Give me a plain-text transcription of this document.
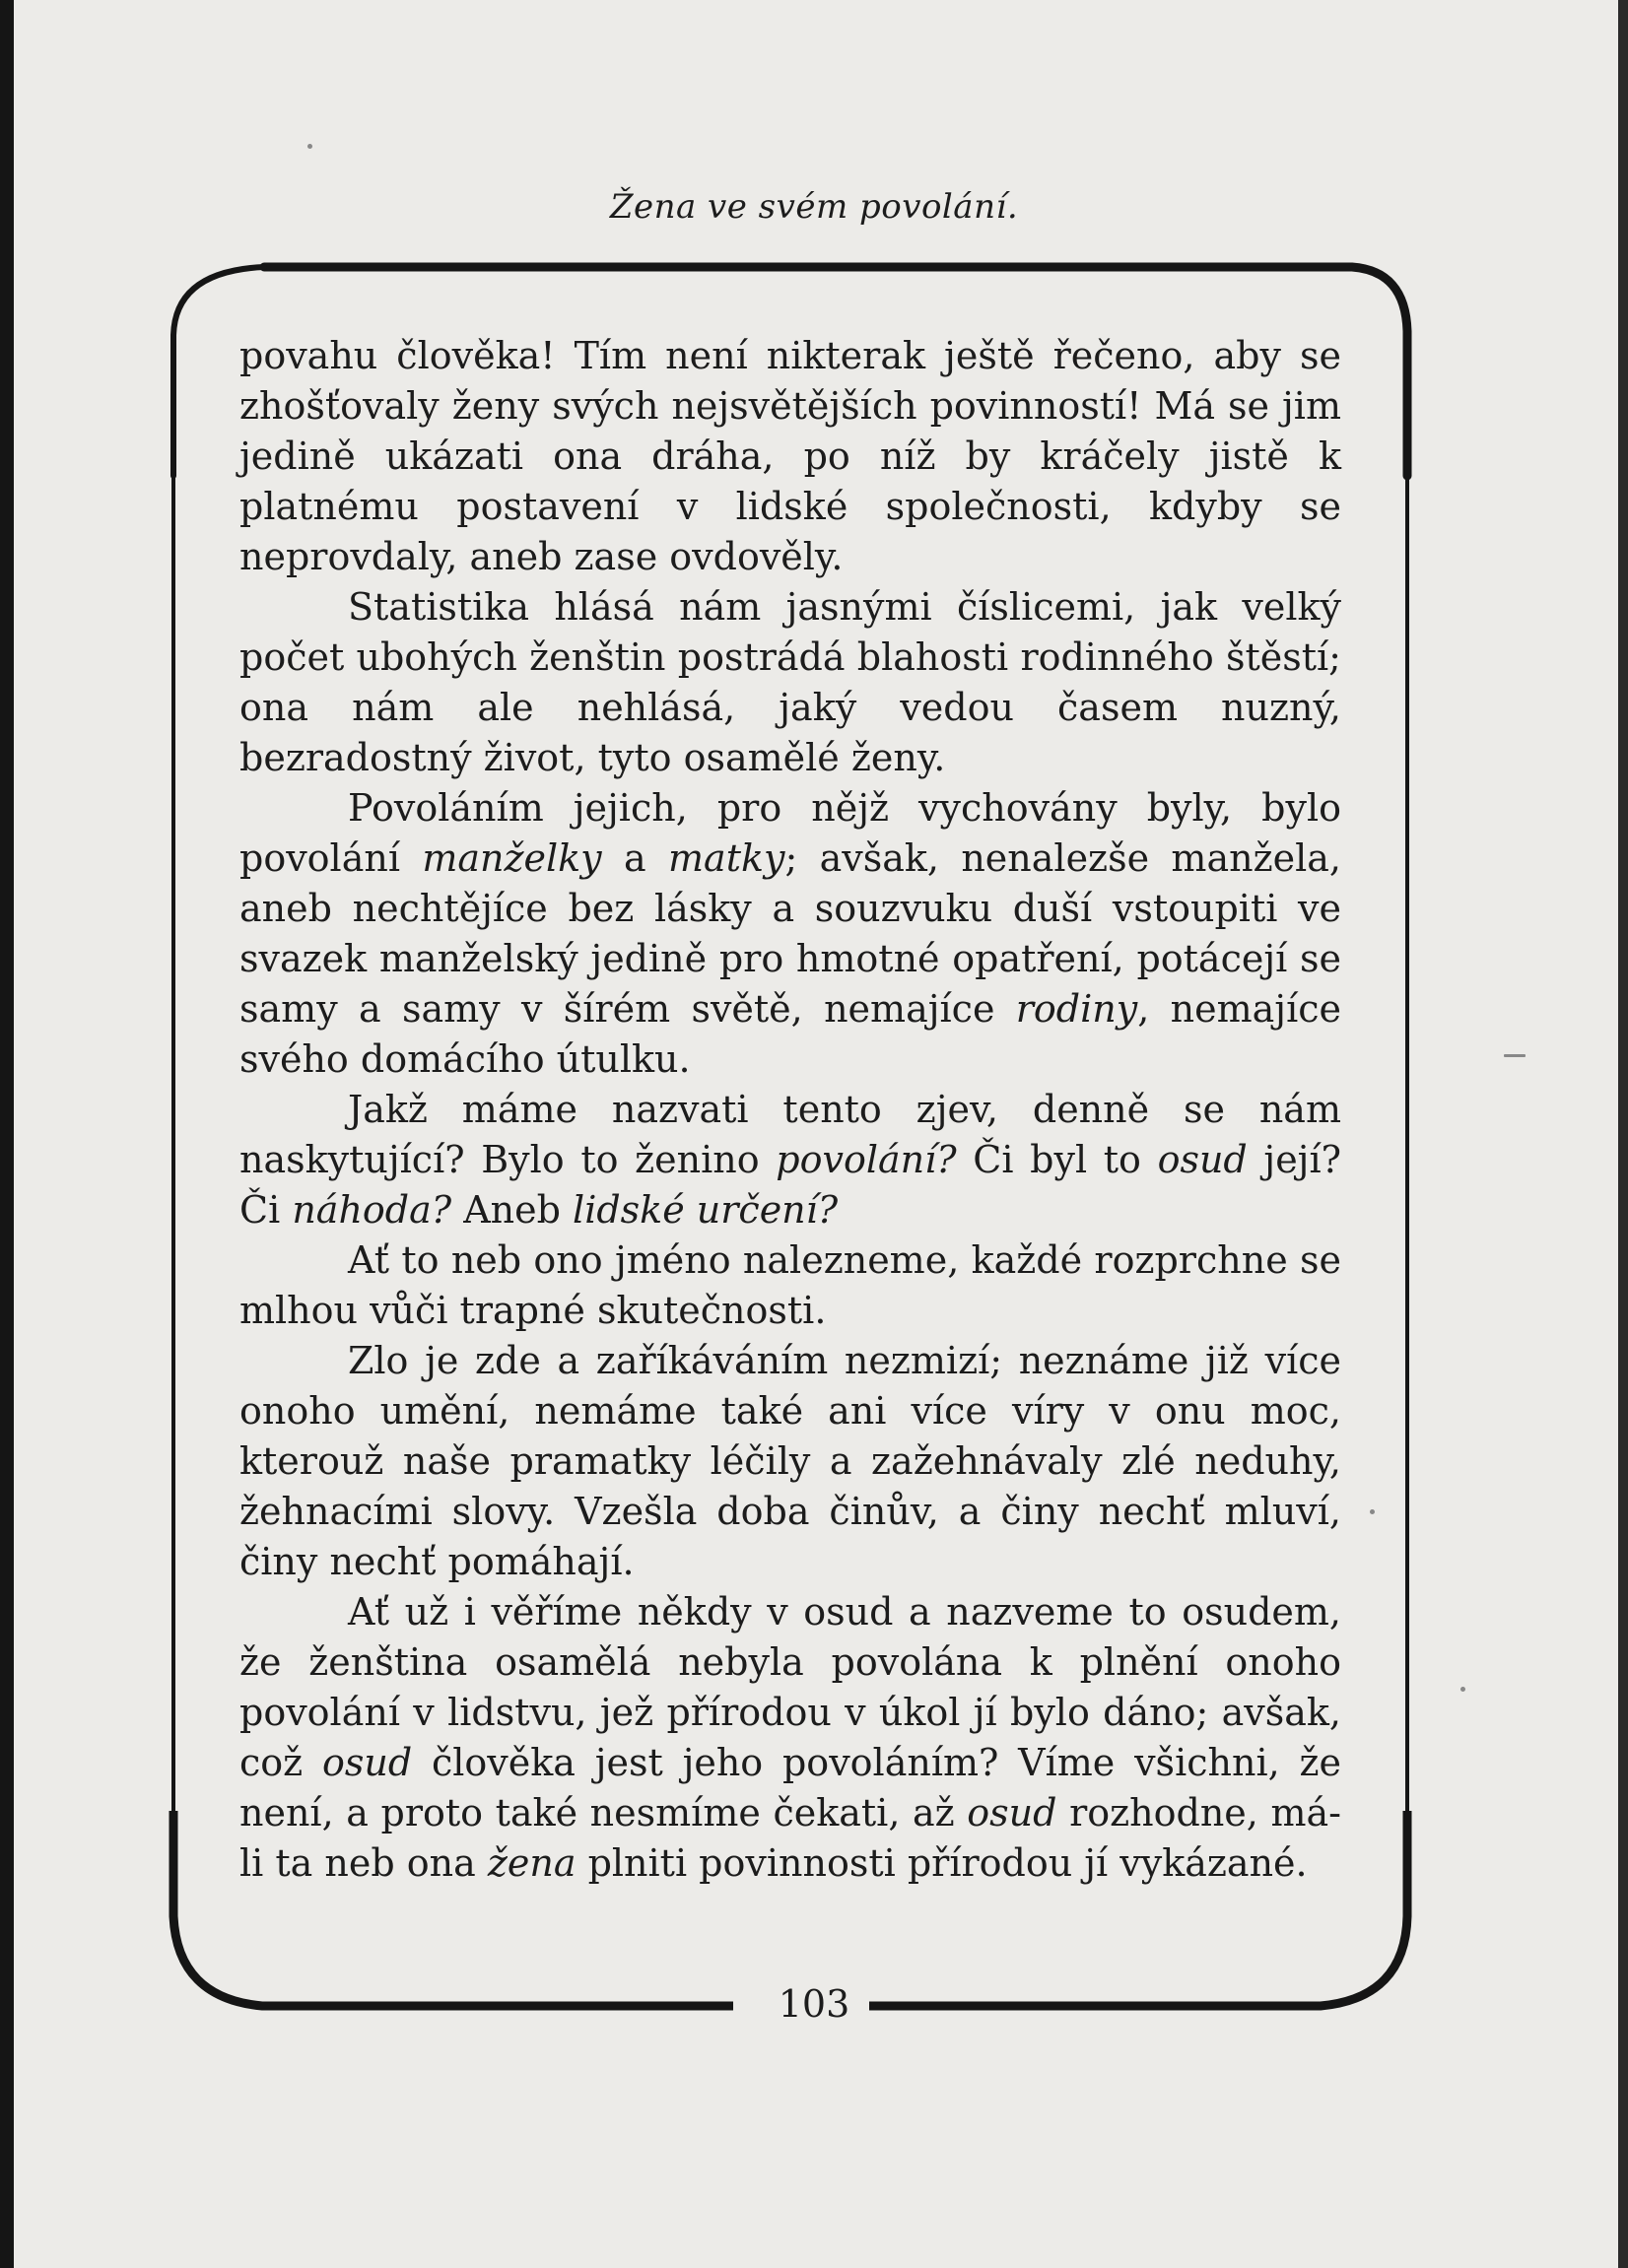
Žena ve svém povolání.

povahu člověka! Tím není nikterak ještě řečeno, aby se zhošťovaly ženy svých nejsvětějších povinností! Má se jim jedině ukázati ona dráha, po níž by kráčely jistě k platnému postavení v lidské společnosti, kdyby se neprovdaly, aneb zase ovdověly.

Statistika hlásá nám jasnými číslicemi, jak velký počet ubohých ženštin postrádá blahosti rodinného štěstí; ona nám ale nehlásá, jaký vedou časem nuzný, bezradostný život, tyto osamělé ženy.

Povoláním jejich, pro nějž vychovány byly, bylo povolání manželky a matky; avšak, nenalezše manžela, aneb nechtějíce bez lásky a souzvuku duší vstoupiti ve svazek manželský jedině pro hmotné opatření, potácejí se samy a samy v šírém světě, nemajíce rodiny, nemajíce svého domácího útulku.

Jakž máme nazvati tento zjev, denně se nám naskytující? Bylo to ženino povolání? Či byl to osud její? Či náhoda? Aneb lidské určení?

Ať to neb ono jméno nalezneme, každé rozprchne se mlhou vůči trapné skutečnosti.

Zlo je zde a zaříkáváním nezmizí; neznáme již více onoho umění, nemáme také ani více víry v onu moc, kterouž naše pramatky léčily a zažehnávaly zlé neduhy, žehnacími slovy. Vzešla doba činův, a činy nechť mluví, činy nechť pomáhají.

Ať už i věříme někdy v osud a nazveme to osudem, že ženština osamělá nebyla povolána k plnění onoho povolání v lidstvu, jež přírodou v úkol jí bylo dáno; avšak, což osud člověka jest jeho povoláním? Víme všichni, že není, a proto také nesmíme čekati, až osud rozhodne, má-li ta neb ona žena plniti povinnosti přírodou jí vykázané.

103
